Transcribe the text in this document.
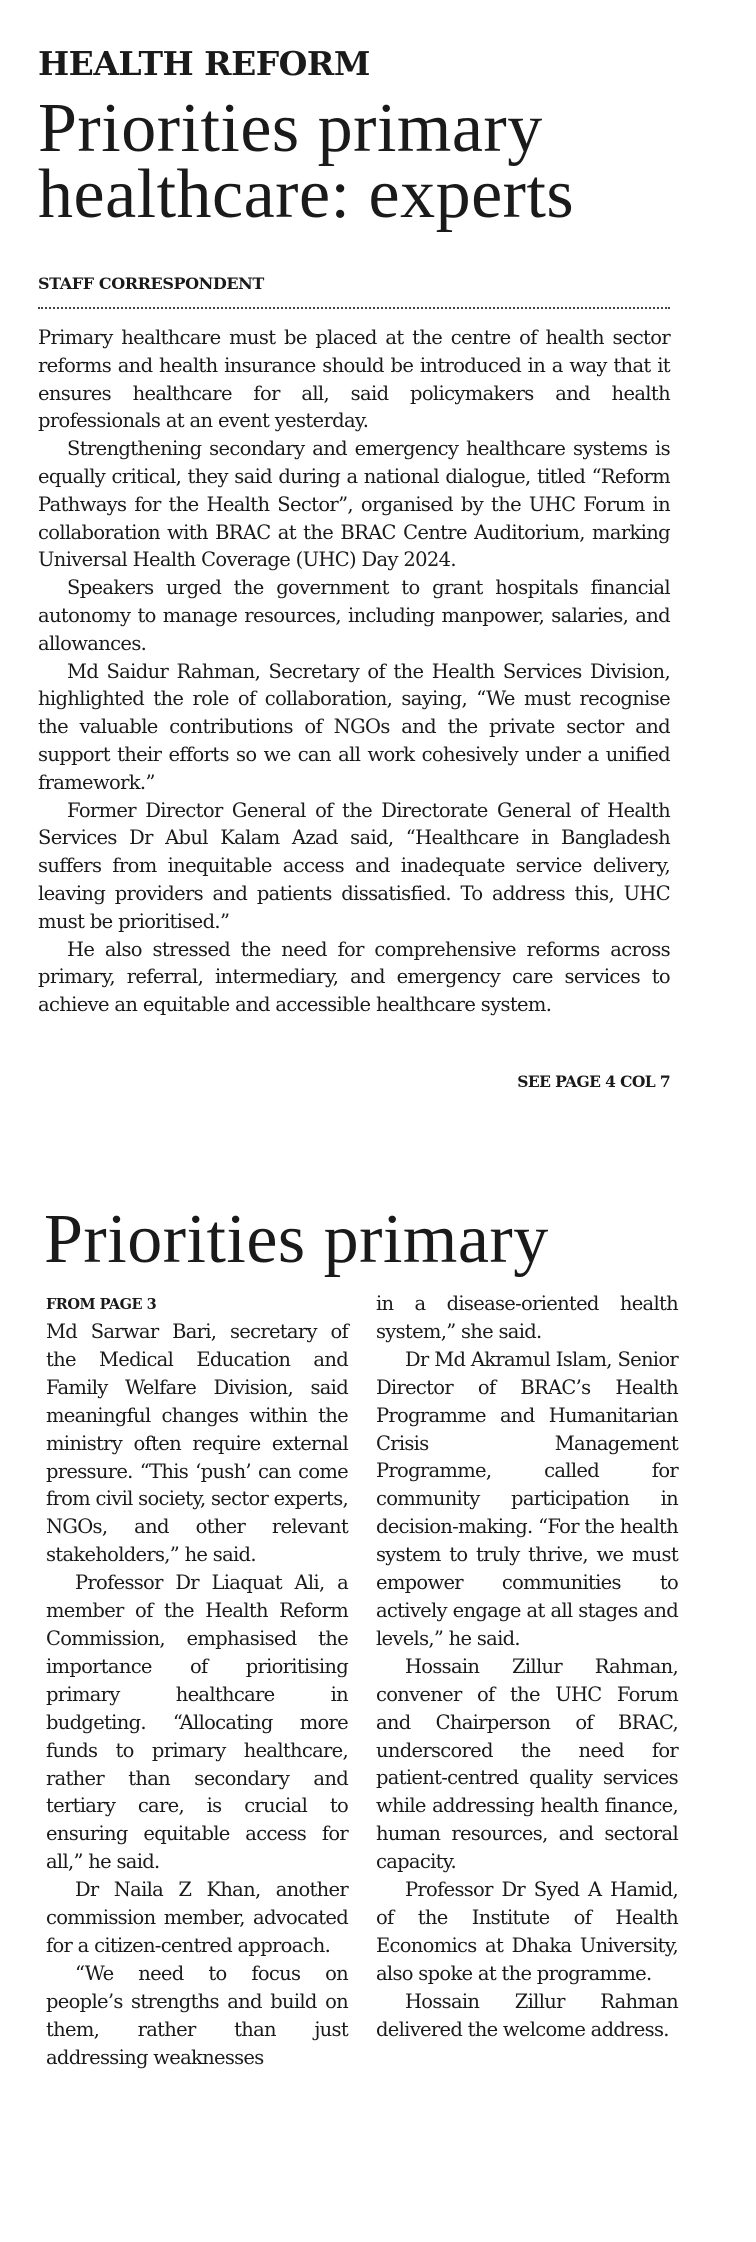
HEALTH REFORM
Priorities primary
healthcare: experts
STAFF CORRESPONDENT

Primary healthcare must be placed at the centre of health sector reforms and health insurance should be introduced in a way that it ensures healthcare for all, said policymakers and health professionals at an event yesterday.

Strengthening secondary and emergency healthcare systems is equally critical, they said during a national dialogue, titled “Reform Pathways for the Health Sector”, organised by the UHC Forum in collaboration with BRAC at the BRAC Centre Auditorium, marking Universal Health Coverage (UHC) Day 2024.

Speakers urged the government to grant hospitals financial autonomy to manage resources, including manpower, salaries, and allowances.

Md Saidur Rahman, Secretary of the Health Services Division, highlighted the role of collaboration, saying, “We must recognise the valuable contributions of NGOs and the private sector and support their efforts so we can all work cohesively under a unified framework.”

Former Director General of the Directorate General of Health Services Dr Abul Kalam Azad said, “Healthcare in Bangladesh suffers from inequitable access and inadequate service delivery, leaving providers and patients dissatisfied. To address this, UHC must be prioritised.”

He also stressed the need for comprehensive reforms across primary, referral, intermediary, and emergency care services to achieve an equitable and accessible healthcare system.

SEE PAGE 4 COL 7
Priorities primary
FROM PAGE 3

Md Sarwar Bari, secretary of the Medical Education and Family Welfare Division, said meaningful changes within the ministry often require external pressure. “This ‘push’ can come from civil society, sector experts, NGOs, and other relevant stakeholders,” he said.

Professor Dr Liaquat Ali, a member of the Health Reform Commission, emphasised the importance of prioritising primary healthcare in budgeting. “Allocating more funds to primary healthcare, rather than secondary and tertiary care, is crucial to ensuring equitable access for all,” he said.

Dr Naila Z Khan, another commission member, advocated for a citizen-centred approach.

“We need to focus on people’s strengths and build on them, rather than just addressing weaknesses

in a disease-oriented health system,” she said.

Dr Md Akramul Islam, Senior Director of BRAC’s Health Programme and Humanitarian Crisis Management Programme, called for community participation in decision-making. “For the health system to truly thrive, we must empower communities to actively engage at all stages and levels,” he said.

Hossain Zillur Rahman, convener of the UHC Forum and Chairperson of BRAC, underscored the need for patient-centred quality services while addressing health finance, human resources, and sectoral capacity.

Professor Dr Syed A Hamid, of the Institute of Health Economics at Dhaka University, also spoke at the programme.

Hossain Zillur Rahman delivered the welcome address.
